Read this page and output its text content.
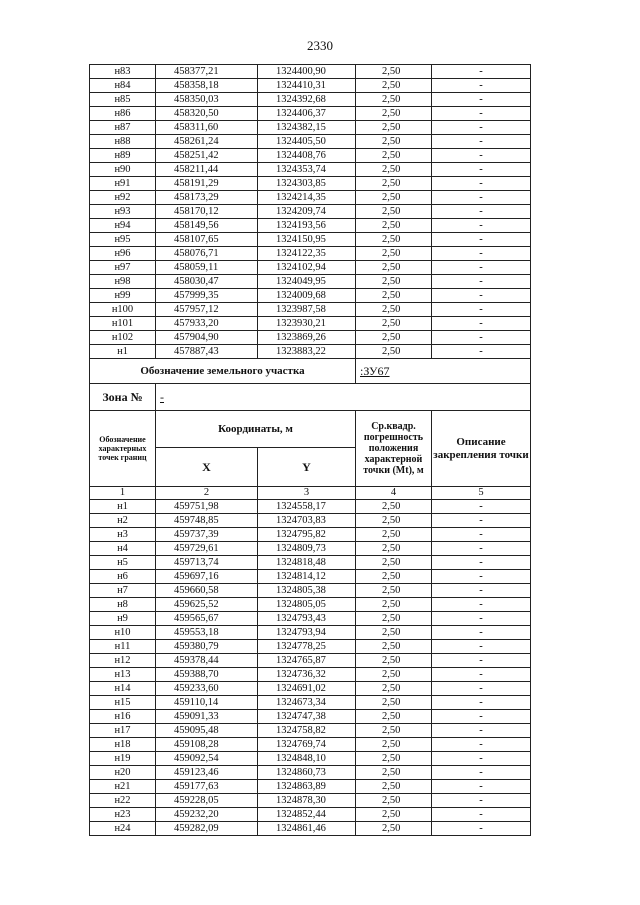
2330
н83	458377,21	1324400,90	2,50	-
н84	458358,18	1324410,31	2,50	-
н85	458350,03	1324392,68	2,50	-
н86	458320,50	1324406,37	2,50	-
н87	458311,60	1324382,15	2,50	-
н88	458261,24	1324405,50	2,50	-
н89	458251,42	1324408,76	2,50	-
н90	458211,44	1324353,74	2,50	-
н91	458191,29	1324303,85	2,50	-
н92	458173,29	1324214,35	2,50	-
н93	458170,12	1324209,74	2,50	-
н94	458149,56	1324193,56	2,50	-
н95	458107,65	1324150,95	2,50	-
н96	458076,71	1324122,35	2,50	-
н97	458059,11	1324102,94	2,50	-
н98	458030,47	1324049,95	2,50	-
н99	457999,35	1324009,68	2,50	-
н100	457957,12	1323987,58	2,50	-
н101	457933,20	1323930,21	2,50	-
н102	457904,90	1323869,26	2,50	-
н1	457887,43	1323883,22	2,50	-
Обозначение земельного участка			:ЗУ67	
Зона №	-			
Обозначение характерных точек границ	Координаты, м		Ср.квадр. погрешность положения характерной точки (Мt), м	Описание закрепления точки
	X	Y		
1	2	3	4	5
н1	459751,98	1324558,17	2,50	-
н2	459748,85	1324703,83	2,50	-
н3	459737,39	1324795,82	2,50	-
н4	459729,61	1324809,73	2,50	-
н5	459713,74	1324818,48	2,50	-
н6	459697,16	1324814,12	2,50	-
н7	459660,58	1324805,38	2,50	-
н8	459625,52	1324805,05	2,50	-
н9	459565,67	1324793,43	2,50	-
н10	459553,18	1324793,94	2,50	-
н11	459380,79	1324778,25	2,50	-
н12	459378,44	1324765,87	2,50	-
н13	459388,70	1324736,32	2,50	-
н14	459233,60	1324691,02	2,50	-
н15	459110,14	1324673,34	2,50	-
н16	459091,33	1324747,38	2,50	-
н17	459095,48	1324758,82	2,50	-
н18	459108,28	1324769,74	2,50	-
н19	459092,54	1324848,10	2,50	-
н20	459123,46	1324860,73	2,50	-
н21	459177,63	1324863,89	2,50	-
н22	459228,05	1324878,30	2,50	-
н23	459232,20	1324852,44	2,50	-
н24	459282,09	1324861,46	2,50	-
